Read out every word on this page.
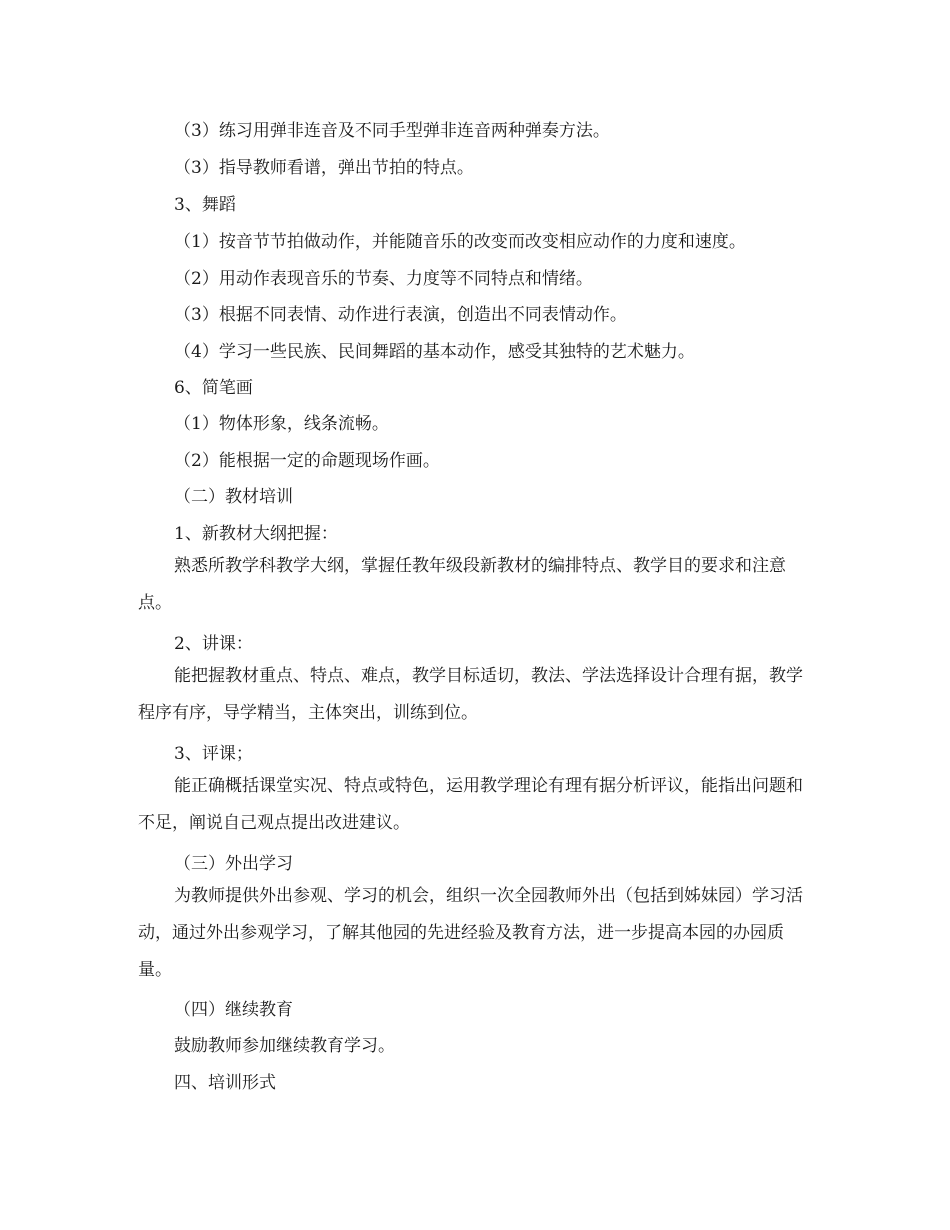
（3）练习用弹非连音及不同手型弹非连音两种弹奏方法。
（3）指导教师看谱，弹出节拍的特点。
3、舞蹈
（1）按音节节拍做动作，并能随音乐的改变而改变相应动作的力度和速度。
（2）用动作表现音乐的节奏、力度等不同特点和情绪。
（3）根据不同表情、动作进行表演，创造出不同表情动作。
（4）学习一些民族、民间舞蹈的基本动作，感受其独特的艺术魅力。
6、简笔画
（1）物体形象，线条流畅。
（2）能根据一定的命题现场作画。
（二）教材培训
1、新教材大纲把握：
熟悉所教学科教学大纲，掌握任教年级段新教材的编排特点、教学目的要求和注意点。
2、讲课：
能把握教材重点、特点、难点，教学目标适切，教法、学法选择设计合理有据，教学程序有序，导学精当，主体突出，训练到位。
3、评课；
能正确概括课堂实况、特点或特色，运用教学理论有理有据分析评议，能指出问题和不足，阐说自己观点提出改进建议。
（三）外出学习
为教师提供外出参观、学习的机会，组织一次全园教师外出（包括到姊妹园）学习活动，通过外出参观学习，了解其他园的先进经验及教育方法，进一步提高本园的办园质量。
（四）继续教育
鼓励教师参加继续教育学习。
四、培训形式
